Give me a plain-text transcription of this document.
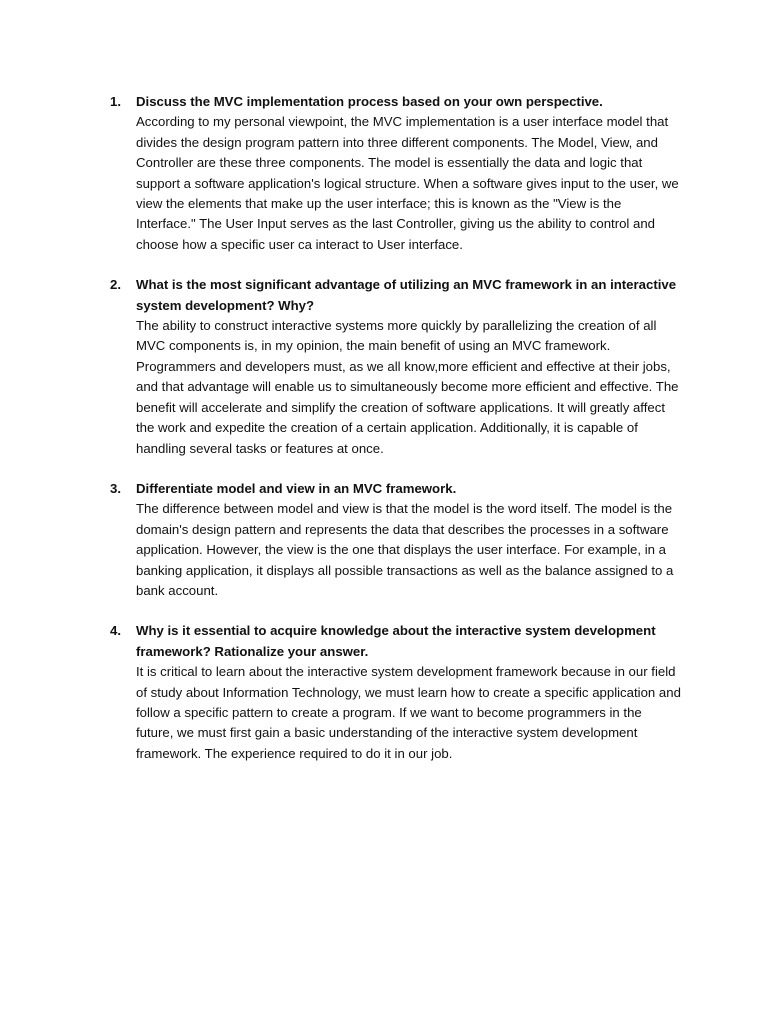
1. Discuss the MVC implementation process based on your own perspective.

According to my personal viewpoint, the MVC implementation is a user interface model that divides the design program pattern into three different components. The Model, View, and Controller are these three components. The model is essentially the data and logic that support a software application's logical structure. When a software gives input to the user, we view the elements that make up the user interface; this is known as the "View is the Interface." The User Input serves as the last Controller, giving us the ability to control and choose how a specific user ca interact to User interface.

2. What is the most significant advantage of utilizing an MVC framework in an interactive system development? Why?

The ability to construct interactive systems more quickly by parallelizing the creation of all MVC components is, in my opinion, the main benefit of using an MVC framework. Programmers and developers must, as we all know,more efficient and effective at their jobs, and that advantage will enable us to simultaneously become more efficient and effective. The benefit will accelerate and simplify the creation of software applications. It will greatly affect the work and expedite the creation of a certain application. Additionally, it is capable of handling several tasks or features at once.

3. Differentiate model and view in an MVC framework.

The difference between model and view is that the model is the word itself. The model is the domain's design pattern and represents the data that describes the processes in a software application. However, the view is the one that displays the user interface. For example, in a banking application, it displays all possible transactions as well as the balance assigned to a bank account.

4. Why is it essential to acquire knowledge about the interactive system development framework? Rationalize your answer.

It is critical to learn about the interactive system development framework because in our field of study about Information Technology, we must learn how to create a specific application and follow a specific pattern to create a program. If we want to become programmers in the future, we must first gain a basic understanding of the interactive system development framework. The experience required to do it in our job.
